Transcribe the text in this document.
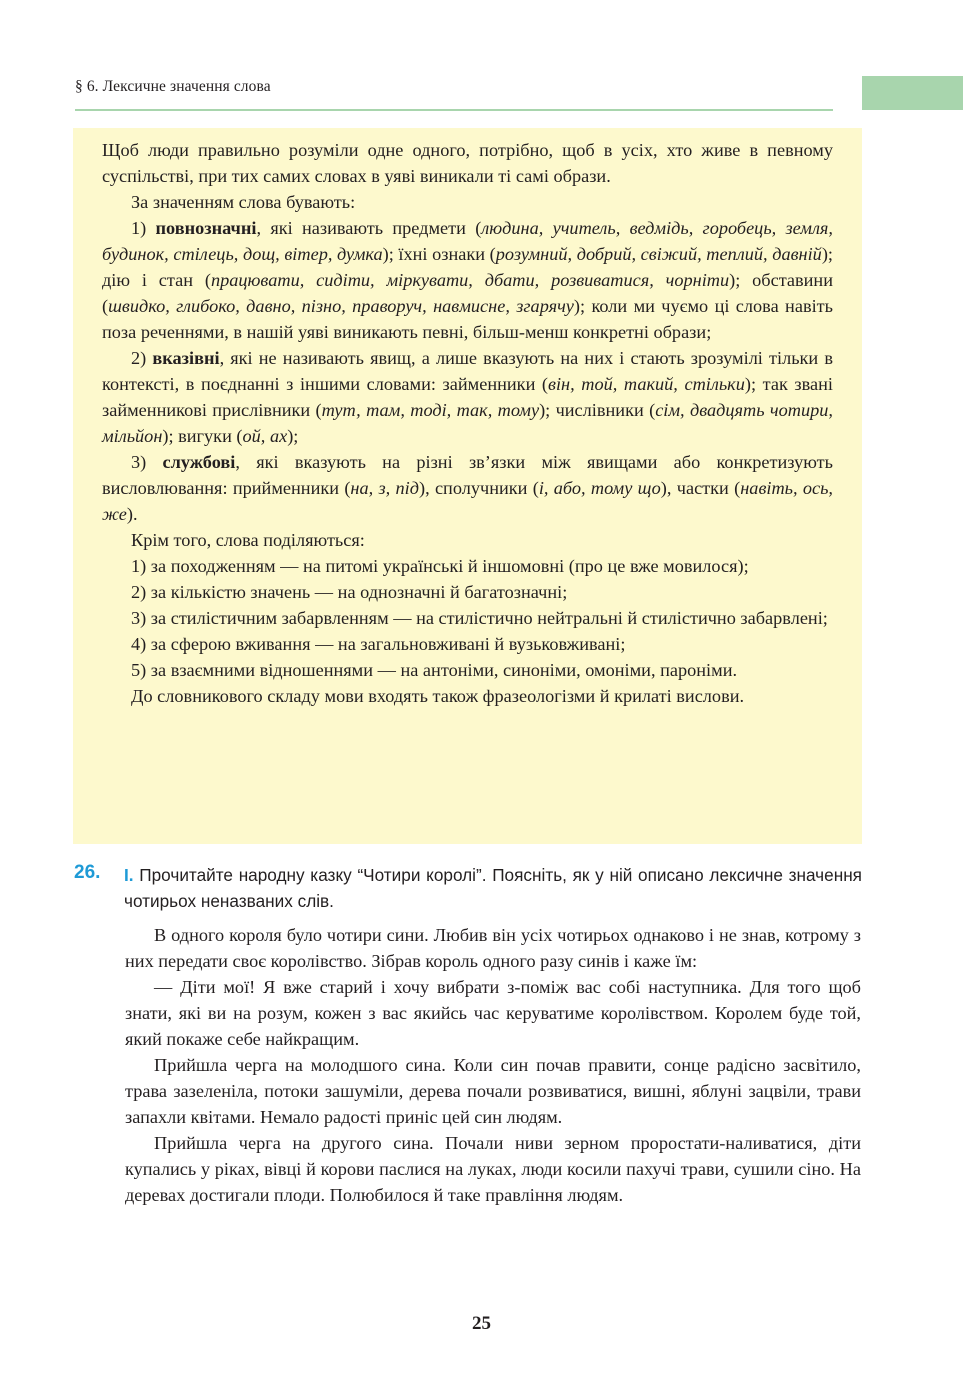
§ 6. Лексичне значення слова

Щоб люди правильно розуміли одне одного, потрібно, щоб в усіх, хто живе в певному суспільстві, при тих самих словах в уяві виникали ті самі образи.

За значенням слова бувають:

1) повнозначні, які називають предмети (людина, учитель, ведмідь, горобець, земля, будинок, стілець, дощ, вітер, думка); їхні ознаки (розумний, добрий, свіжий, теплий, давній); дію і стан (працювати, сидіти, міркувати, дбати, розвиватися, чорніти); обставини (швидко, глибоко, давно, пізно, праворуч, навмисне, згарячу); коли ми чуємо ці слова навіть поза реченнями, в нашій уяві виникають певні, більш-менш конкретні образи;

2) вказівні, які не називають явищ, а лише вказують на них і стають зрозумілі тільки в контексті, в поєднанні з іншими словами: займенники (він, той, такий, стільки); так звані займенникові прислівники (тут, там, тоді, так, тому); числівники (сім, двадцять чотири, мільйон); вигуки (ой, ах);

3) службові, які вказують на різні зв’язки між явищами або конкретизують висловлювання: прийменники (на, з, під), сполучники (і, або, тому що), частки (навіть, ось, же).

Крім того, слова поділяються:

1) за походженням — на питомі українські й іншомовні (про це вже мовилося);

2) за кількістю значень — на однозначні й багатозначні;

3) за стилістичним забарвленням — на стилістично нейтральні й стилістично забарвлені;

4) за сферою вживання — на загальновживані й вузьковживані;

5) за взаємними відношеннями — на антоніми, синоніми, омоніми, пароніми.

До словникового складу мови входять також фразеологізми й крилаті вислови.

26. I. Прочитайте народну казку “Чотири королі”. Поясніть, як у ній описано лексичне значення чотирьох неназваних слів.

В одного короля було чотири сини. Любив він усіх чотирьох однаково і не знав, котрому з них передати своє королівство. Зібрав король одного разу синів і каже їм:

— Діти мої! Я вже старий і хочу вибрати з-поміж вас собі наступника. Для того щоб знати, які ви на розум, кожен з вас якийсь час керуватиме королівством. Королем буде той, який покаже себе найкращим.

Прийшла черга на молодшого сина. Коли син почав правити, сонце радісно засвітило, трава зазеленіла, потоки зашуміли, дерева почали розвиватися, вишні, яблуні зацвіли, трави запахли квітами. Немало радості приніс цей син людям.

Прийшла черга на другого сина. Почали ниви зерном проростати-наливатися, діти купались у ріках, вівці й корови паслися на луках, люди косили пахучі трави, сушили сіно. На деревах достигали плоди. Полюбилося й таке правління людям.

25
